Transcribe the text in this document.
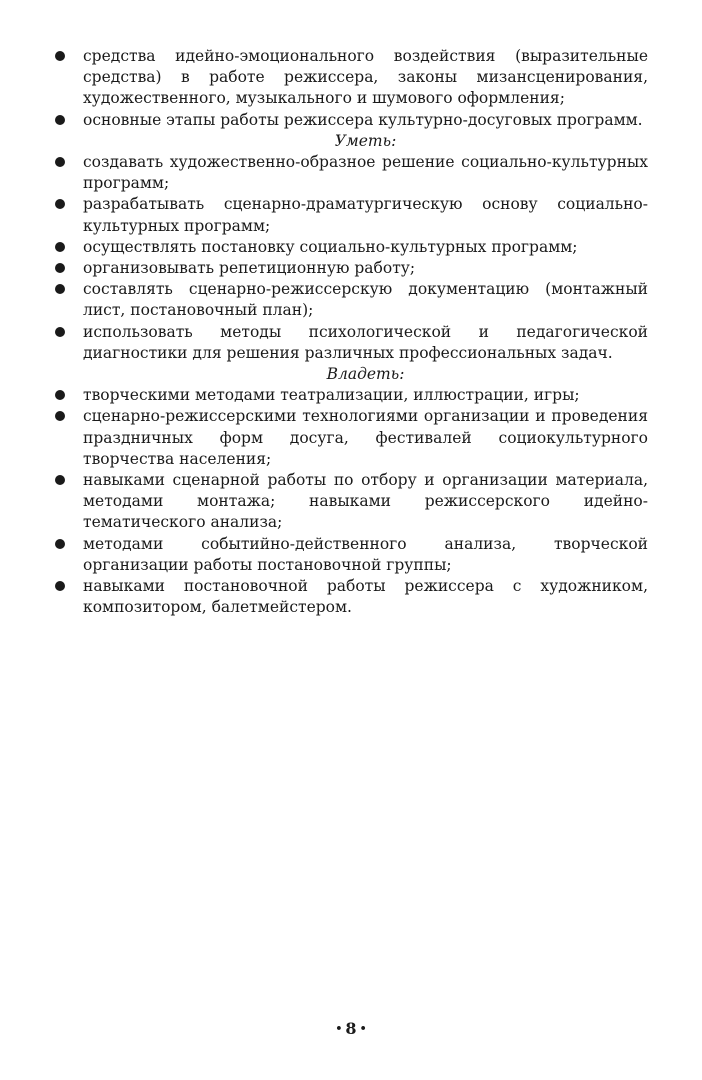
средства идейно-эмоционального воздействия (выразительные средства) в работе режиссера, законы мизансценирования, художественного, музыкального и шумового оформления;
основные этапы работы режиссера культурно-досуговых программ.

Уметь:

создавать художественно-образное решение социально-культурных программ;
разрабатывать сценарно-драматургическую основу социально-культурных программ;
осуществлять постановку социально-культурных программ;
организовывать репетиционную работу;
составлять сценарно-режиссерскую документацию (монтажный лист, постановочный план);
использовать методы психологической и педагогической диагностики для решения различных профессиональных задач.

Владеть:

творческими методами театрализации, иллюстрации, игры;
сценарно-режиссерскими технологиями организации и проведения праздничных форм досуга, фестивалей социокультурного творчества населения;
навыками сценарной работы по отбору и организации материала, методами монтажа; навыками режиссерского идейно-тематического анализа;
методами событийно-действенного анализа, творческой организации работы постановочной группы;
навыками постановочной работы режиссера с художником, композитором, балетмейстером.
• 8 •
